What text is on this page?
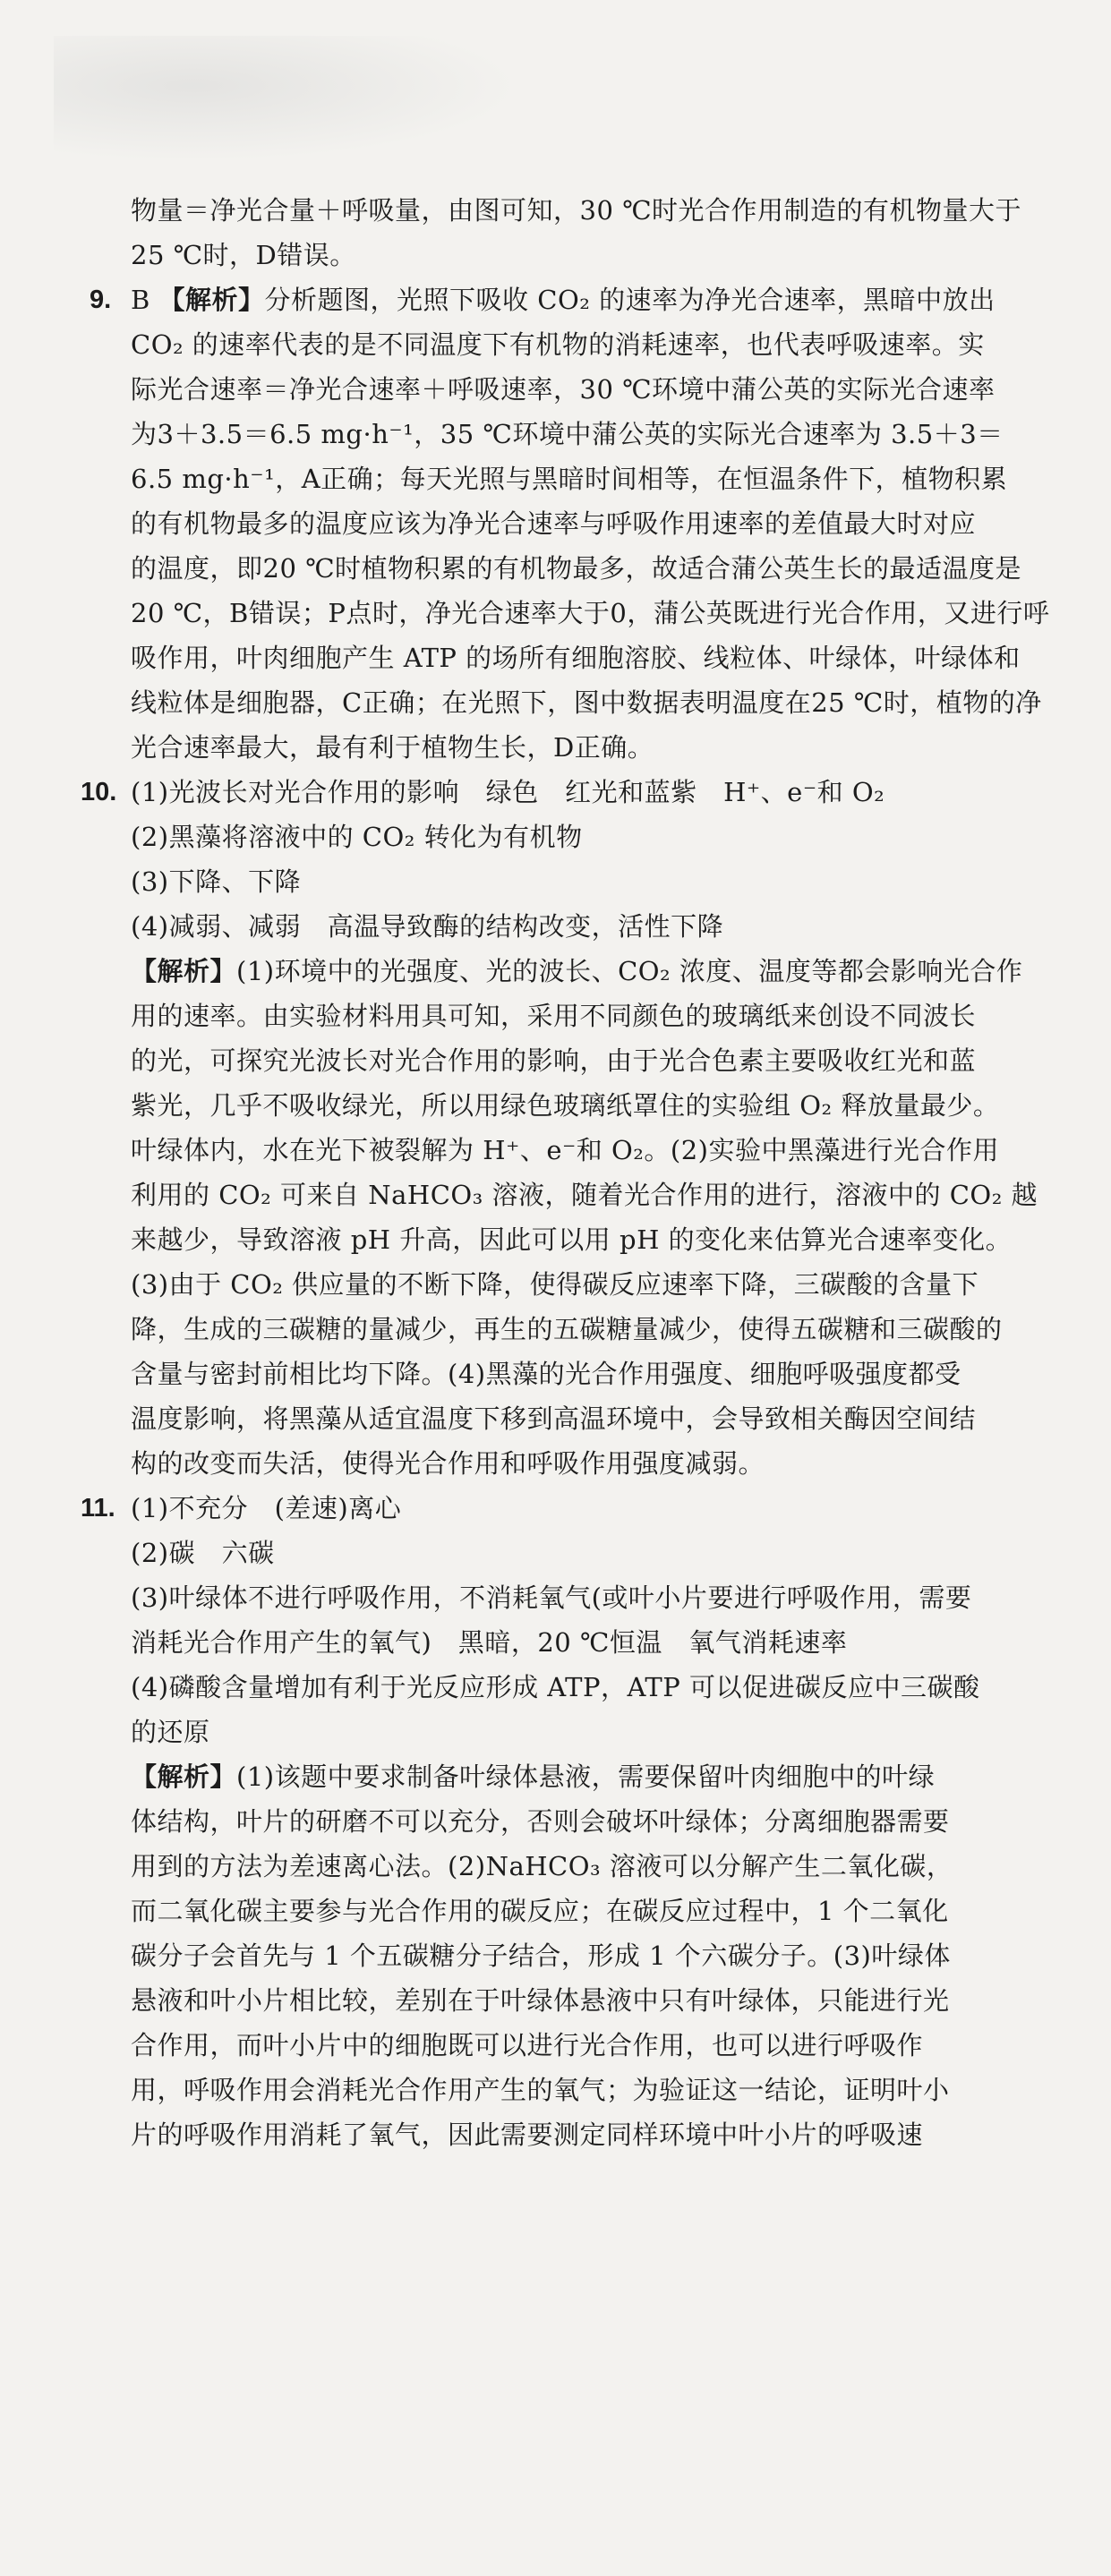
物量＝净光合量＋呼吸量，由图可知，30 ℃时光合作用制造的有机物量大于
25 ℃时，D错误。
9. B 【解析】分析题图，光照下吸收 CO₂ 的速率为净光合速率，黑暗中放出
CO₂ 的速率代表的是不同温度下有机物的消耗速率，也代表呼吸速率。实
际光合速率＝净光合速率＋呼吸速率，30 ℃环境中蒲公英的实际光合速率
为3＋3.5＝6.5 mg·h⁻¹，35 ℃环境中蒲公英的实际光合速率为 3.5＋3＝
6.5 mg·h⁻¹，A正确；每天光照与黑暗时间相等，在恒温条件下，植物积累
的有机物最多的温度应该为净光合速率与呼吸作用速率的差值最大时对应
的温度，即20 ℃时植物积累的有机物最多，故适合蒲公英生长的最适温度是
20 ℃，B错误；P点时，净光合速率大于0，蒲公英既进行光合作用，又进行呼
吸作用，叶肉细胞产生 ATP 的场所有细胞溶胶、线粒体、叶绿体，叶绿体和
线粒体是细胞器，C正确；在光照下，图中数据表明温度在25 ℃时，植物的净
光合速率最大，最有利于植物生长，D正确。
10. (1)光波长对光合作用的影响　绿色　红光和蓝紫　H⁺、e⁻和 O₂
(2)黑藻将溶液中的 CO₂ 转化为有机物
(3)下降、下降
(4)减弱、减弱　高温导致酶的结构改变，活性下降
【解析】(1)环境中的光强度、光的波长、CO₂ 浓度、温度等都会影响光合作
用的速率。由实验材料用具可知，采用不同颜色的玻璃纸来创设不同波长
的光，可探究光波长对光合作用的影响，由于光合色素主要吸收红光和蓝
紫光，几乎不吸收绿光，所以用绿色玻璃纸罩住的实验组 O₂ 释放量最少。
叶绿体内，水在光下被裂解为 H⁺、e⁻和 O₂。(2)实验中黑藻进行光合作用
利用的 CO₂ 可来自 NaHCO₃ 溶液，随着光合作用的进行，溶液中的 CO₂ 越
来越少，导致溶液 pH 升高，因此可以用 pH 的变化来估算光合速率变化。
(3)由于 CO₂ 供应量的不断下降，使得碳反应速率下降，三碳酸的含量下
降，生成的三碳糖的量减少，再生的五碳糖量减少，使得五碳糖和三碳酸的
含量与密封前相比均下降。(4)黑藻的光合作用强度、细胞呼吸强度都受
温度影响，将黑藻从适宜温度下移到高温环境中，会导致相关酶因空间结
构的改变而失活，使得光合作用和呼吸作用强度减弱。
11. (1)不充分　(差速)离心
(2)碳　六碳
(3)叶绿体不进行呼吸作用，不消耗氧气(或叶小片要进行呼吸作用，需要
消耗光合作用产生的氧气)　黑暗，20 ℃恒温　氧气消耗速率
(4)磷酸含量增加有利于光反应形成 ATP，ATP 可以促进碳反应中三碳酸
的还原
【解析】(1)该题中要求制备叶绿体悬液，需要保留叶肉细胞中的叶绿
体结构，叶片的研磨不可以充分，否则会破坏叶绿体；分离细胞器需要
用到的方法为差速离心法。(2)NaHCO₃ 溶液可以分解产生二氧化碳，
而二氧化碳主要参与光合作用的碳反应；在碳反应过程中，1 个二氧化
碳分子会首先与 1 个五碳糖分子结合，形成 1 个六碳分子。(3)叶绿体
悬液和叶小片相比较，差别在于叶绿体悬液中只有叶绿体，只能进行光
合作用，而叶小片中的细胞既可以进行光合作用，也可以进行呼吸作
用，呼吸作用会消耗光合作用产生的氧气；为验证这一结论，证明叶小
片的呼吸作用消耗了氧气，因此需要测定同样环境中叶小片的呼吸速
